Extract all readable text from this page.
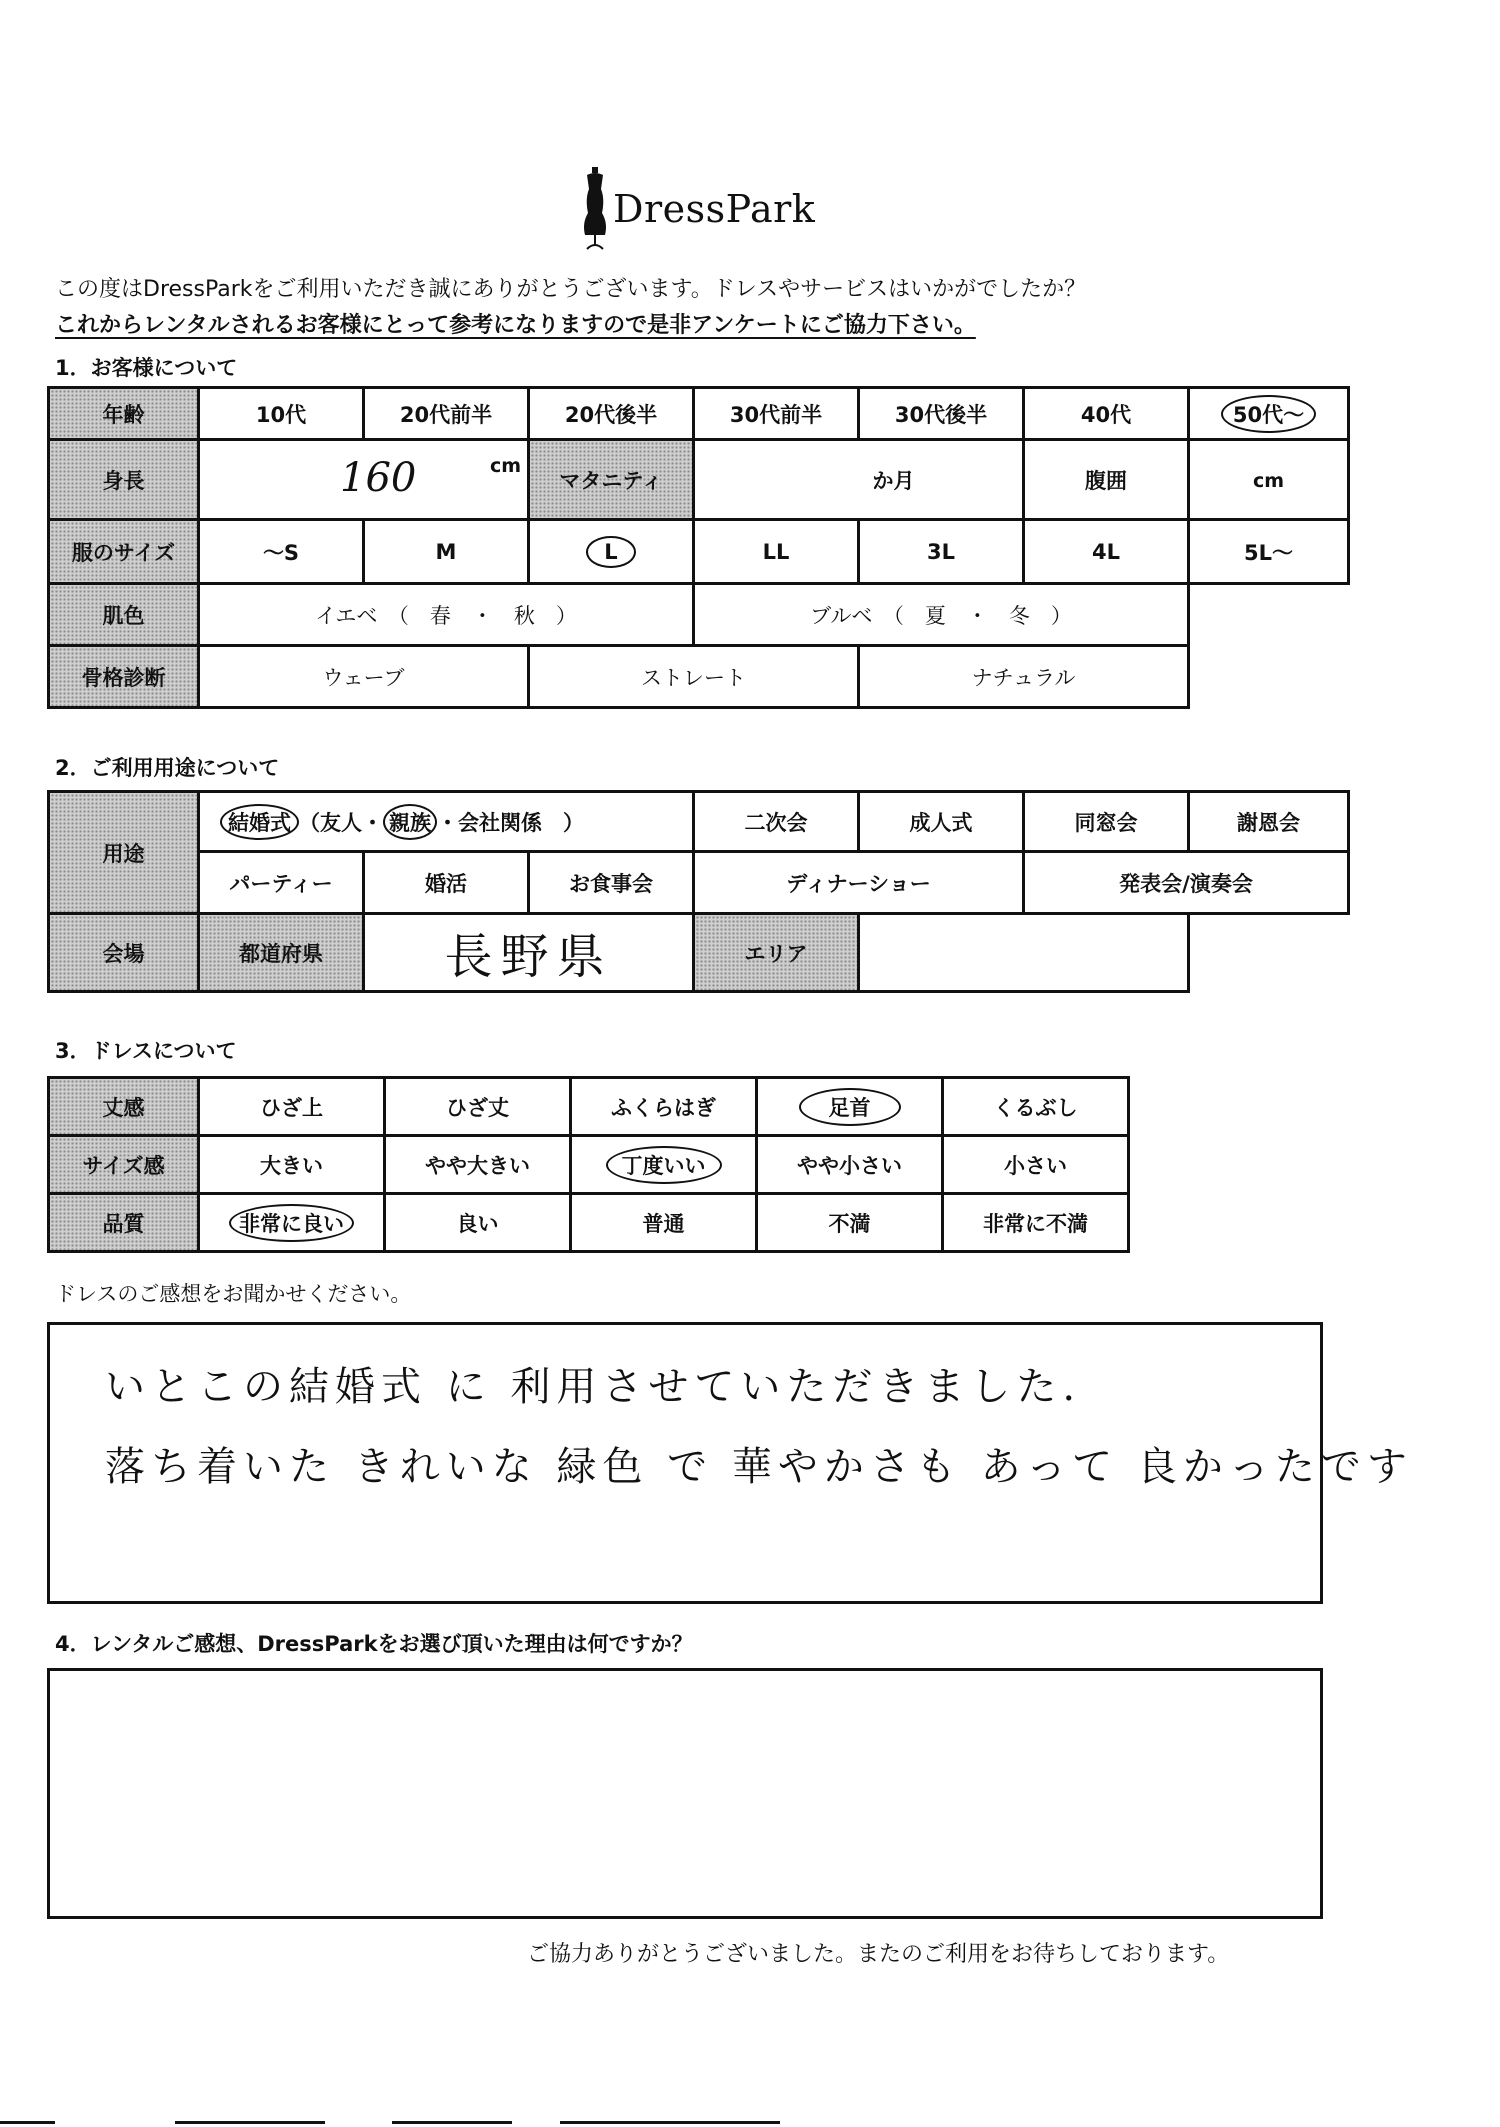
DressPark
この度はDressParkをご利用いただき誠にありがとうございます。ドレスやサービスはいかがでしたか？
これからレンタルされるお客様にとって参考になりますので是非アンケートにご協力下さい。
1．お客様について
年齢	10代	20代前半	20代後半	30代前半	30代後半	40代	50代～
身長	160 cm		マタニティ	か月		腹囲	cm
服のサイズ	～S	M	L	LL	3L	4L	5L～
肌色	イエベ　（　春　・　秋　）			ブルベ　（　夏　・　冬　）			
骨格診断	ウェーブ		ストレート		ナチュラル		
2．ご利用用途について
用途	結婚式 （友人・ 親族 ・会社関係　）			二次会	成人式	同窓会	謝恩会
	パーティー	婚活	お食事会	ディナーショー		発表会/演奏会	
会場	都道府県	長野県		エリア			
3．ドレスについて
丈感	ひざ上	ひざ丈	ふくらはぎ	足首	くるぶし
サイズ感	大きい	やや大きい	丁度いい	やや小さい	小さい
品質	非常に良い	良い	普通	不満	非常に不満
ドレスのご感想をお聞かせください。
いとこの結婚式 に 利用させていただきました.
落ち着いた きれいな 緑色 で 華やかさも あって 良かったです
4．レンタルご感想、DressParkをお選び頂いた理由は何ですか？
ご協力ありがとうございました。またのご利用をお待ちしております。
